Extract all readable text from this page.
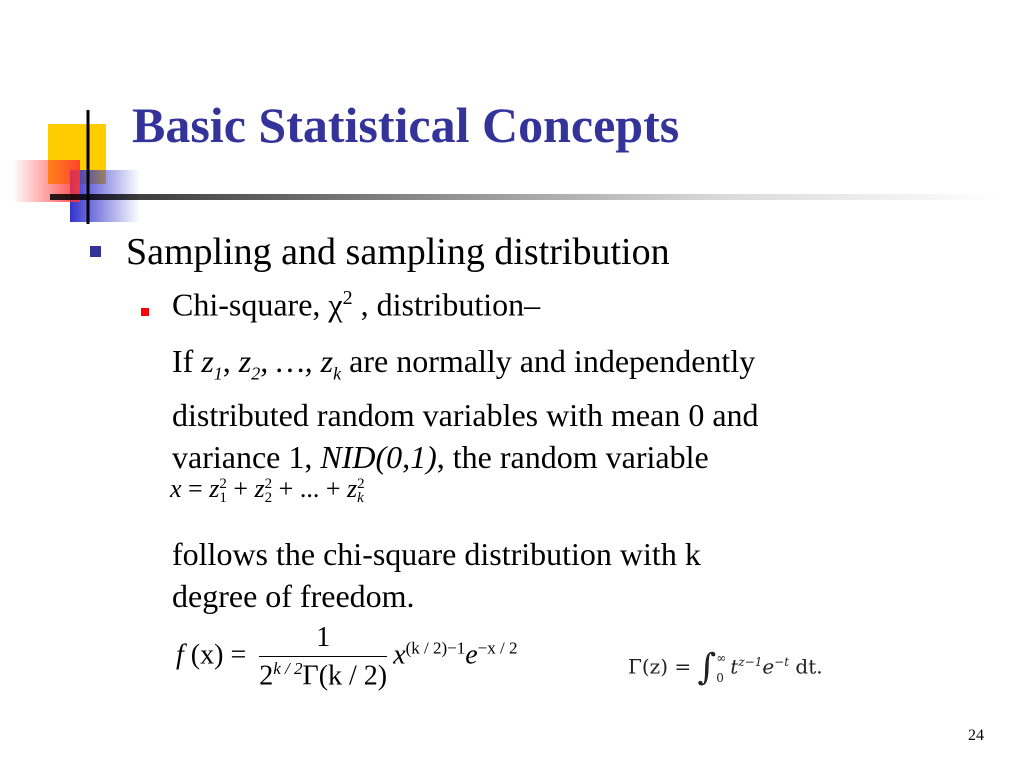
Basic Statistical Concepts
Sampling and sampling distribution
Chi-square, $\chi^2$ , distribution–
If $z_1$, $z_2$, …, $z_k$ are normally and independently
distributed random variables with mean 0 and
variance 1, NID(0,1), the random variable
x = z 2
1 + z 2
2 + ... + z 2
k
follows the chi-square distribution with k
degree of freedom.
f $(x) = \frac{1}{2^{k / 2}\Gamma(k / 2)} x^{(k / 2)-1}e^{-x / 2}$
Γ(z) = ∫ ∞
0 $t^{z-1}e^{-t}$ dt.
24
